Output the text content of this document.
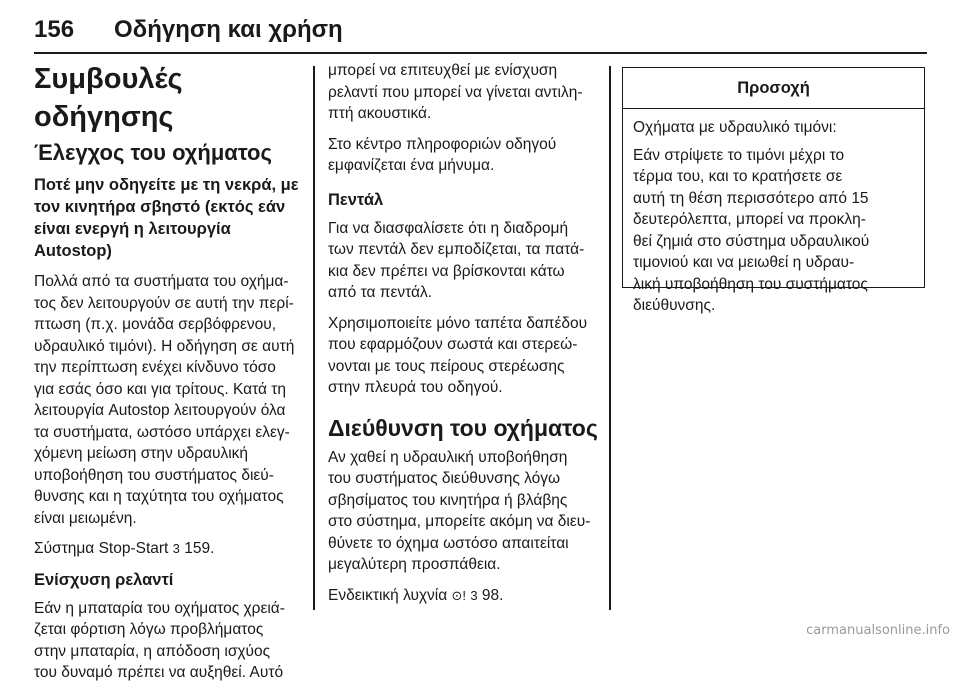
156 Οδήγηση και χρήση
Συμβουλές οδήγησης
Έλεγχος του οχήματος

Ποτέ μην οδηγείτε με τη νεκρά, με
τον κινητήρα σβηστό (εκτός εάν
είναι ενεργή η λειτουργία
Autostop)

Πολλά από τα συστήματα του οχήμα-
τος δεν λειτουργούν σε αυτή την περί-
πτωση (π.χ. μονάδα σερβόφρενου,
υδραυλικό τιμόνι). Η οδήγηση σε αυτή
την περίπτωση ενέχει κίνδυνο τόσο
για εσάς όσο και για τρίτους. Κατά τη
λειτουργία Autostop λειτουργούν όλα
τα συστήματα, ωστόσο υπάρχει ελεγ-
χόμενη μείωση στην υδραυλική
υποβοήθηση του συστήματος διεύ-
θυνσης και η ταχύτητα του οχήματος
είναι μειωμένη.

Σύστημα Stop-Start 3 159.

Ενίσχυση ρελαντί

Εάν η μπαταρία του οχήματος χρειά-
ζεται φόρτιση λόγω προβλήματος
στην μπαταρία, η απόδοση ισχύος
του δυναμό πρέπει να αυξηθεί. Αυτό

μπορεί να επιτευχθεί με ενίσχυση
ρελαντί που μπορεί να γίνεται αντιλη-
πτή ακουστικά.

Στο κέντρο πληροφοριών οδηγού
εμφανίζεται ένα μήνυμα.

Πεντάλ

Για να διασφαλίσετε ότι η διαδρομή
των πεντάλ δεν εμποδίζεται, τα πατά-
κια δεν πρέπει να βρίσκονται κάτω
από τα πεντάλ.

Χρησιμοποιείτε μόνο ταπέτα δαπέδου
που εφαρμόζουν σωστά και στερεώ-
νονται με τους πείρους στερέωσης
στην πλευρά του οδηγού.

Διεύθυνση του οχήματος

Αν χαθεί η υδραυλική υποβοήθηση
του συστήματος διεύθυνσης λόγω
σβησίματος του κινητήρα ή βλάβης
στο σύστημα, μπορείτε ακόμη να διευ-
θύνετε το όχημα ωστόσο απαιτείται
μεγαλύτερη προσπάθεια.

Ενδεικτική λυχνία ⊙! 3 98.

Προσοχή

Οχήματα με υδραυλικό τιμόνι:

Εάν στρίψετε το τιμόνι μέχρι το
τέρμα του, και το κρατήσετε σε
αυτή τη θέση περισσότερο από 15
δευτερόλεπτα, μπορεί να προκλη-
θεί ζημιά στο σύστημα υδραυλικού
τιμονιού και να μειωθεί η υδραυ-
λική υποβοήθηση του συστήματος
διεύθυνσης.

carmanualsonline.info
